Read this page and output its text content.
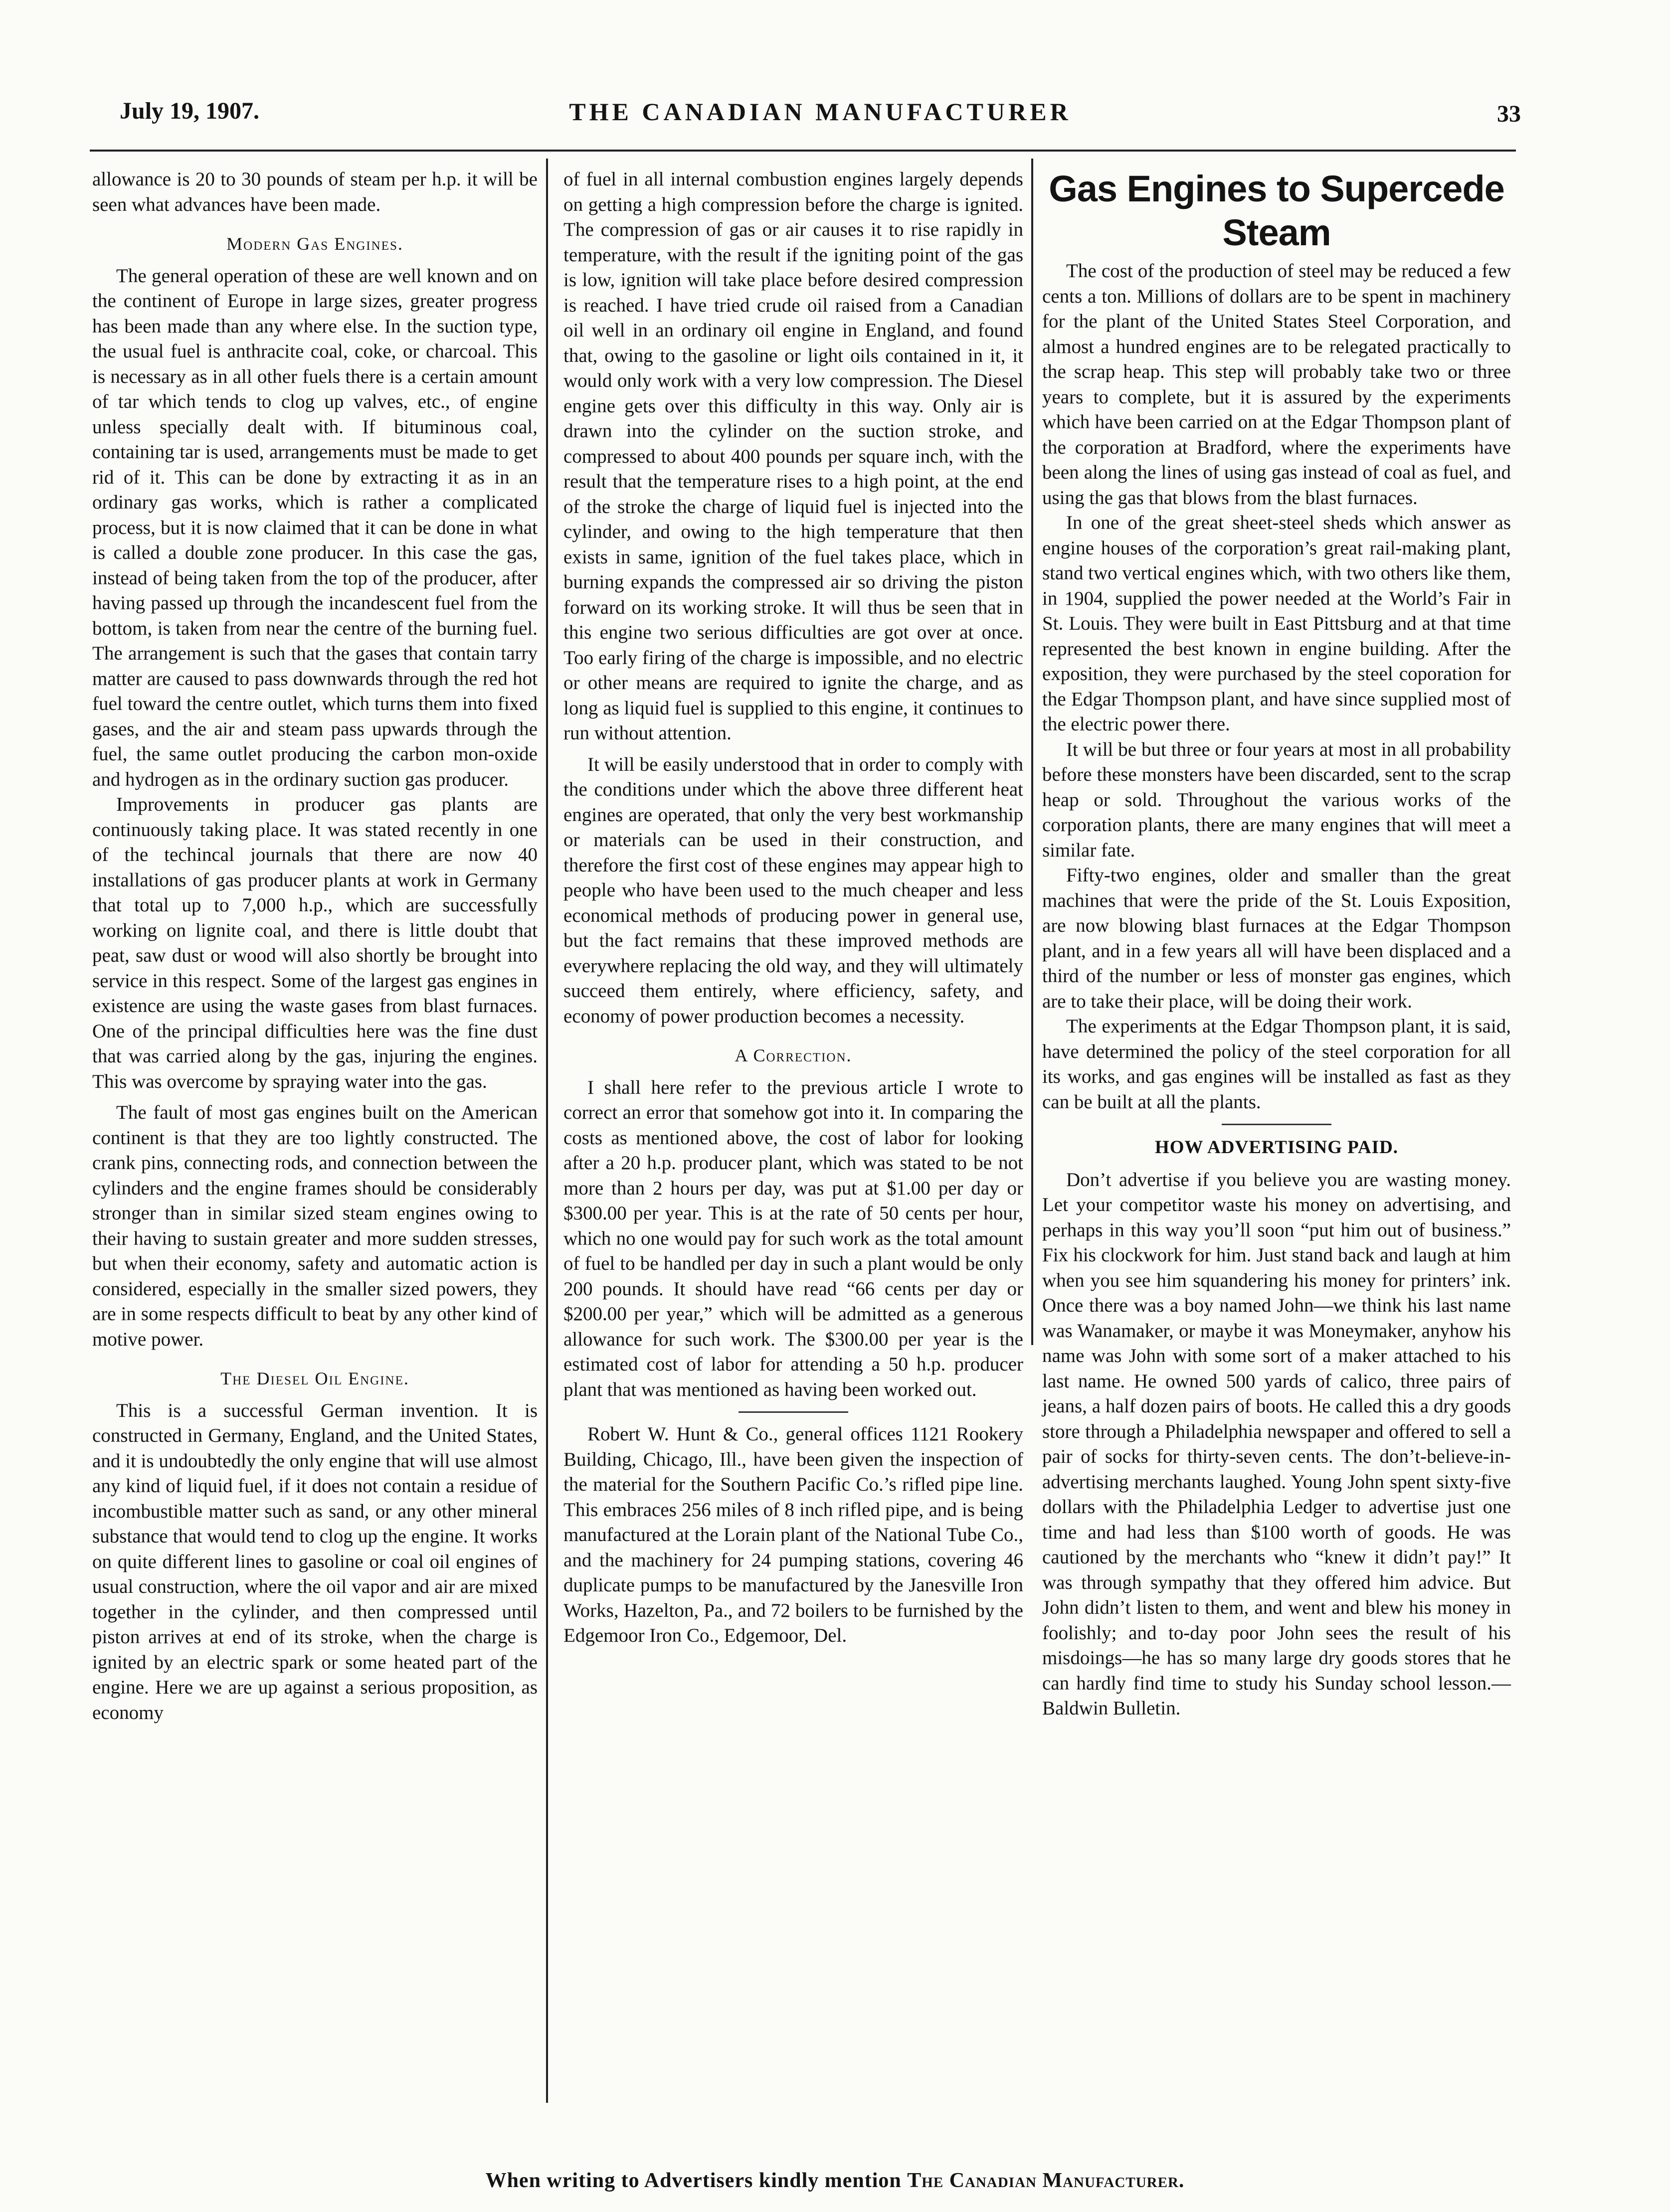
July 19, 1907.	THE CANADIAN MANUFACTURER	33

allowance is 20 to 30 pounds of steam per h.p. it will be seen what advances have been made.

Modern Gas Engines.

The general operation of these are well known and on the continent of Europe in large sizes, greater progress has been made than any where else. In the suction type, the usual fuel is anthracite coal, coke, or charcoal. This is necessary as in all other fuels there is a certain amount of tar which tends to clog up valves, etc., of engine unless specially dealt with. If bituminous coal, containing tar is used, arrangements must be made to get rid of it. This can be done by extracting it as in an ordinary gas works, which is rather a complicated process, but it is now claimed that it can be done in what is called a double zone producer. In this case the gas, instead of being taken from the top of the producer, after having passed up through the incandescent fuel from the bottom, is taken from near the centre of the burning fuel. The arrangement is such that the gases that contain tarry matter are caused to pass downwards through the red hot fuel toward the centre outlet, which turns them into fixed gases, and the air and steam pass upwards through the fuel, the same outlet producing the carbon mon-oxide and hydrogen as in the ordinary suction gas producer.

Improvements in producer gas plants are continuously taking place. It was stated recently in one of the techincal journals that there are now 40 installations of gas producer plants at work in Germany that total up to 7,000 h.p., which are successfully working on lignite coal, and there is little doubt that peat, saw dust or wood will also shortly be brought into service in this respect. Some of the largest gas engines in existence are using the waste gases from blast furnaces. One of the principal difficulties here was the fine dust that was carried along by the gas, injuring the engines. This was overcome by spraying water into the gas.

The fault of most gas engines built on the American continent is that they are too lightly constructed. The crank pins, connecting rods, and connection between the cylinders and the engine frames should be considerably stronger than in similar sized steam engines owing to their having to sustain greater and more sudden stresses, but when their economy, safety and automatic action is considered, especially in the smaller sized powers, they are in some respects difficult to beat by any other kind of motive power.

The Diesel Oil Engine.

This is a successful German invention. It is constructed in Germany, England, and the United States, and it is undoubtedly the only engine that will use almost any kind of liquid fuel, if it does not contain a residue of incombustible matter such as sand, or any other mineral substance that would tend to clog up the engine. It works on quite different lines to gasoline or coal oil engines of usual construction, where the oil vapor and air are mixed together in the cylinder, and then compressed until piston arrives at end of its stroke, when the charge is ignited by an electric spark or some heated part of the engine. Here we are up against a serious proposition, as economy

of fuel in all internal combustion engines largely depends on getting a high compression before the charge is ignited. The compression of gas or air causes it to rise rapidly in temperature, with the result if the igniting point of the gas is low, ignition will take place before desired compression is reached. I have tried crude oil raised from a Canadian oil well in an ordinary oil engine in England, and found that, owing to the gasoline or light oils contained in it, it would only work with a very low compression. The Diesel engine gets over this difficulty in this way. Only air is drawn into the cylinder on the suction stroke, and compressed to about 400 pounds per square inch, with the result that the temperature rises to a high point, at the end of the stroke the charge of liquid fuel is injected into the cylinder, and owing to the high temperature that then exists in same, ignition of the fuel takes place, which in burning expands the compressed air so driving the piston forward on its working stroke. It will thus be seen that in this engine two serious difficulties are got over at once. Too early firing of the charge is impossible, and no electric or other means are required to ignite the charge, and as long as liquid fuel is supplied to this engine, it continues to run without attention.

It will be easily understood that in order to comply with the conditions under which the above three different heat engines are operated, that only the very best workmanship or materials can be used in their construction, and therefore the first cost of these engines may appear high to people who have been used to the much cheaper and less economical methods of producing power in general use, but the fact remains that these improved methods are everywhere replacing the old way, and they will ultimately succeed them entirely, where efficiency, safety, and economy of power production becomes a necessity.

A Correction.

I shall here refer to the previous article I wrote to correct an error that somehow got into it. In comparing the costs as mentioned above, the cost of labor for looking after a 20 h.p. producer plant, which was stated to be not more than 2 hours per day, was put at $1.00 per day or $300.00 per year. This is at the rate of 50 cents per hour, which no one would pay for such work as the total amount of fuel to be handled per day in such a plant would be only 200 pounds. It should have read “66 cents per day or $200.00 per year,” which will be admitted as a generous allowance for such work. The $300.00 per year is the estimated cost of labor for attending a 50 h.p. producer plant that was mentioned as having been worked out.

Robert W. Hunt & Co., general offices 1121 Rookery Building, Chicago, Ill., have been given the inspection of the material for the Southern Pacific Co.’s rifled pipe line. This embraces 256 miles of 8 inch rifled pipe, and is being manufactured at the Lorain plant of the National Tube Co., and the machinery for 24 pumping stations, covering 46 duplicate pumps to be manufactured by the Janesville Iron Works, Hazelton, Pa., and 72 boilers to be furnished by the Edgemoor Iron Co., Edgemoor, Del.

Gas Engines to Supercede Steam

The cost of the production of steel may be reduced a few cents a ton. Millions of dollars are to be spent in machinery for the plant of the United States Steel Corporation, and almost a hundred engines are to be relegated practically to the scrap heap. This step will probably take two or three years to complete, but it is assured by the experiments which have been carried on at the Edgar Thompson plant of the corporation at Bradford, where the experiments have been along the lines of using gas instead of coal as fuel, and using the gas that blows from the blast furnaces.

In one of the great sheet-steel sheds which answer as engine houses of the corporation’s great rail-making plant, stand two vertical engines which, with two others like them, in 1904, supplied the power needed at the World’s Fair in St. Louis. They were built in East Pittsburg and at that time represented the best known in engine building. After the exposition, they were purchased by the steel coporation for the Edgar Thompson plant, and have since supplied most of the electric power there.

It will be but three or four years at most in all probability before these monsters have been discarded, sent to the scrap heap or sold. Throughout the various works of the corporation plants, there are many engines that will meet a similar fate.

Fifty-two engines, older and smaller than the great machines that were the pride of the St. Louis Exposition, are now blowing blast furnaces at the Edgar Thompson plant, and in a few years all will have been displaced and a third of the number or less of monster gas engines, which are to take their place, will be doing their work.

The experiments at the Edgar Thompson plant, it is said, have determined the policy of the steel corporation for all its works, and gas engines will be installed as fast as they can be built at all the plants.

HOW ADVERTISING PAID.

Don’t advertise if you believe you are wasting money. Let your competitor waste his money on advertising, and perhaps in this way you’ll soon “put him out of business.” Fix his clockwork for him. Just stand back and laugh at him when you see him squandering his money for printers’ ink. Once there was a boy named John—we think his last name was Wanamaker, or maybe it was Moneymaker, anyhow his name was John with some sort of a maker attached to his last name. He owned 500 yards of calico, three pairs of jeans, a half dozen pairs of boots. He called this a dry goods store through a Philadelphia newspaper and offered to sell a pair of socks for thirty-seven cents. The don’t-believe-in-advertising merchants laughed. Young John spent sixty-five dollars with the Philadelphia Ledger to advertise just one time and had less than $100 worth of goods. He was cautioned by the merchants who “knew it didn’t pay!” It was through sympathy that they offered him advice. But John didn’t listen to them, and went and blew his money in foolishly; and to-day poor John sees the result of his misdoings—he has so many large dry goods stores that he can hardly find time to study his Sunday school lesson.—Baldwin Bulletin.

When writing to Advertisers kindly mention The Canadian Manufacturer.
